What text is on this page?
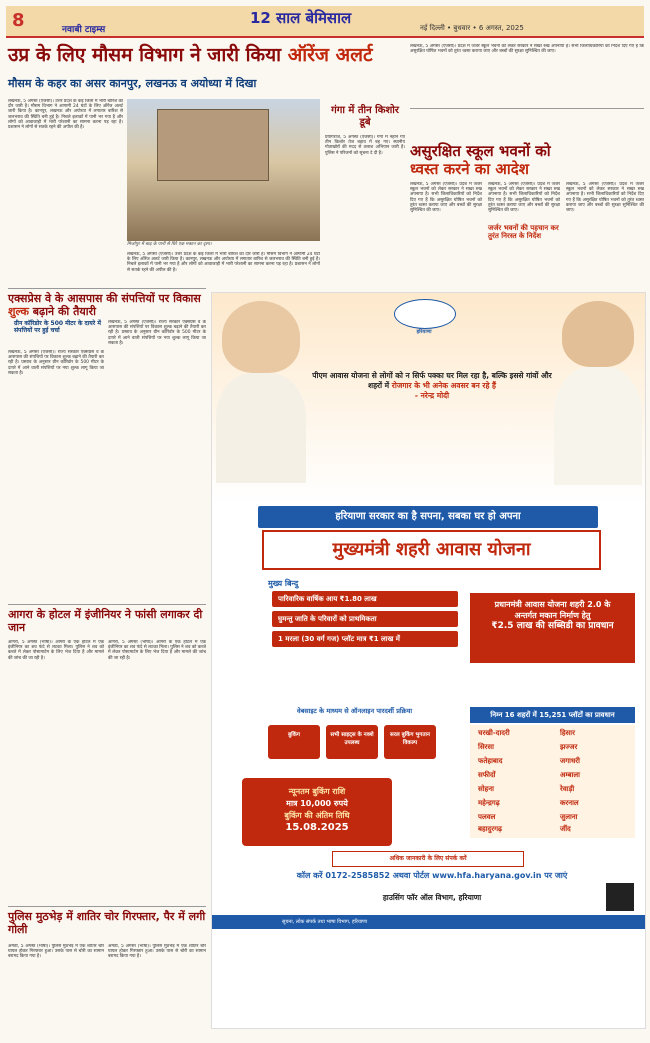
8	नवाबी टाइम्स
12 साल बेमिसाल
नई दिल्ली • बुधवार • 6 अगस्त, 2025
उप्र के लिए मौसम विभाग ने जारी किया ऑरेंज अलर्ट
मौसम के कहर का असर कानपुर, लखनऊ व अयोध्या में दिखा
लखनऊ, 5 अगस्त (एजेंसी)। उत्तर प्रदेश के कई जिलों में भारी बारिश का दौर जारी है। मौसम विभाग ने आगामी 24 घंटों के लिए ऑरेंज अलर्ट जारी किया है। कानपुर, लखनऊ और अयोध्या में लगातार बारिश से जलभराव की स्थिति बनी हुई है। निचले इलाकों में पानी भर गया है और लोगों को आवाजाही में भारी परेशानी का सामना करना पड़ रहा है। प्रशासन ने लोगों से सतर्क रहने की अपील की है।
मिर्जापुर में बाढ़ के पानी से घिरे एक मकान का दृश्य।
लखनऊ, 5 अगस्त (एजेंसी)। उत्तर प्रदेश के कई जिलों में भारी बारिश का दौर जारी है। मौसम विभाग ने आगामी 24 घंटों के लिए ऑरेंज अलर्ट जारी किया है। कानपुर, लखनऊ और अयोध्या में लगातार बारिश से जलभराव की स्थिति बनी हुई है। निचले इलाकों में पानी भर गया है और लोगों को आवाजाही में भारी परेशानी का सामना करना पड़ रहा है। प्रशासन ने लोगों से सतर्क रहने की अपील की है।
गंगा में तीन किशोर डूबे
प्रयागराज, 5 अगस्त (एजेंसी)। गंगा में नहाने गए तीन किशोर तेज बहाव में बह गए। स्थानीय गोताखोरों की मदद से तलाश अभियान जारी है। पुलिस ने परिजनों को सूचना दे दी है।
लखनऊ, 5 अगस्त (एजेंसी)। प्रदेश में जर्जर स्कूल भवनों को लेकर सरकार ने सख्त रुख अपनाया है। सभी जिलाधिकारियों को निर्देश दिए गए हैं कि असुरक्षित घोषित भवनों को तुरंत ध्वस्त कराया जाए और बच्चों की सुरक्षा सुनिश्चित की जाए।
असुरक्षित स्कूल भवनों को
ध्वस्त करने का आदेश
लखनऊ, 5 अगस्त (एजेंसी)। प्रदेश में जर्जर स्कूल भवनों को लेकर सरकार ने सख्त रुख अपनाया है। सभी जिलाधिकारियों को निर्देश दिए गए हैं कि असुरक्षित घोषित भवनों को तुरंत ध्वस्त कराया जाए और बच्चों की सुरक्षा सुनिश्चित की जाए।
लखनऊ, 5 अगस्त (एजेंसी)। प्रदेश में जर्जर स्कूल भवनों को लेकर सरकार ने सख्त रुख अपनाया है। सभी जिलाधिकारियों को निर्देश दिए गए हैं कि असुरक्षित घोषित भवनों को तुरंत ध्वस्त कराया जाए और बच्चों की सुरक्षा सुनिश्चित की जाए।
जर्जर भवनों की पहचान कर तुरंत निरस्त के निर्देश
लखनऊ, 5 अगस्त (एजेंसी)। प्रदेश में जर्जर स्कूल भवनों को लेकर सरकार ने सख्त रुख अपनाया है। सभी जिलाधिकारियों को निर्देश दिए गए हैं कि असुरक्षित घोषित भवनों को तुरंत ध्वस्त कराया जाए और बच्चों की सुरक्षा सुनिश्चित की जाए।
एक्सप्रेस वे के आसपास की संपत्तियों पर विकास शुल्क बढ़ाने की तैयारी
ग्रीन कॉरिडोर के 500 मीटर के दायरे में संपत्तियों पर हुई चर्चा
लखनऊ, 5 अगस्त (एजेंसी)। राज्य सरकार एक्सप्रेस वे के आसपास की संपत्तियों पर विकास शुल्क बढ़ाने की तैयारी कर रही है। प्रस्ताव के अनुसार ग्रीन कॉरिडोर के 500 मीटर के दायरे में आने वाली संपत्तियों पर नया शुल्क लागू किया जा सकता है।
लखनऊ, 5 अगस्त (एजेंसी)। राज्य सरकार एक्सप्रेस वे के आसपास की संपत्तियों पर विकास शुल्क बढ़ाने की तैयारी कर रही है। प्रस्ताव के अनुसार ग्रीन कॉरिडोर के 500 मीटर के दायरे में आने वाली संपत्तियों पर नया शुल्क लागू किया जा सकता है।
आगरा के होटल में इंजीनियर ने फांसी लगाकर दी जान
आगरा, 5 अगस्त (भाषा)। आगरा के एक होटल में एक इंजीनियर का शव फंदे से लटका मिला। पुलिस ने शव को कब्जे में लेकर पोस्टमार्टम के लिए भेज दिया है और मामले की जांच की जा रही है।
आगरा, 5 अगस्त (भाषा)। आगरा के एक होटल में एक इंजीनियर का शव फंदे से लटका मिला। पुलिस ने शव को कब्जे में लेकर पोस्टमार्टम के लिए भेज दिया है और मामले की जांच की जा रही है।
पुलिस मुठभेड़ में शातिर चोर गिरफ्तार, पैर में लगी गोली
अमेठी, 5 अगस्त (भाषा)। पुलिस मुठभेड़ में एक शातिर चोर घायल होकर गिरफ्तार हुआ। उसके पास से चोरी का सामान बरामद किया गया है।
अमेठी, 5 अगस्त (भाषा)। पुलिस मुठभेड़ में एक शातिर चोर घायल होकर गिरफ्तार हुआ। उसके पास से चोरी का सामान बरामद किया गया है।
हरियाणा
पीएम आवास योजना से लोगों को न सिर्फ पक्का घर मिल रहा है, बल्कि इससे गांवों और शहरों में रोजगार के भी अनेक अवसर बन रहे हैं
- नरेन्द्र मोदी
हरियाणा सरकार का है सपना, सबका घर हो अपना
मुख्यमंत्री शहरी आवास योजना
मुख्य बिन्दु
पारिवारिक वार्षिक आय ₹1.80 लाख
घुमन्तु जाति के परिवारों को प्राथमिकता
1 मरला (30 वर्ग गज) प्लॉट मात्र ₹1 लाख में
प्रधानमंत्री आवास योजना शहरी 2.0 के
अन्तर्गत मकान निर्माण हेतु
₹2.5 लाख की सब्सिडी का प्रावधान
वेबसाइट के माध्यम से ऑनलाइन पारदर्शी प्रक्रिया
बुकिंग	सभी साइट्स के नक्शे उपलब्ध
सरल बुकिंग भुगतान विकल्प
निम्न 16 शहरों में 15,251 प्लॉटों का प्रावधान
चरखी-दादरी	हिसार
सिरसा	झज्जर
फतेहाबाद	जगाधरी
सफीदों	अम्बाला
सोहना	रेवाड़ी
महेन्द्रगढ़	करनाल
पलवल	जुलाना
बहादुरगढ़	जींद
न्यूनतम बुकिंग राशि
मात्र 10,000 रुपये
बुकिंग की अंतिम तिथि
15.08.2025
अधिक जानकारी के लिए संपर्क करें
कॉल करें 0172-2585852 अथवा पोर्टल www.hfa.haryana.gov.in पर जाएं
हाउसिंग फॉर ऑल विभाग, हरियाणा
सूचना, लोक संपर्क तथा भाषा विभाग, हरियाणा
